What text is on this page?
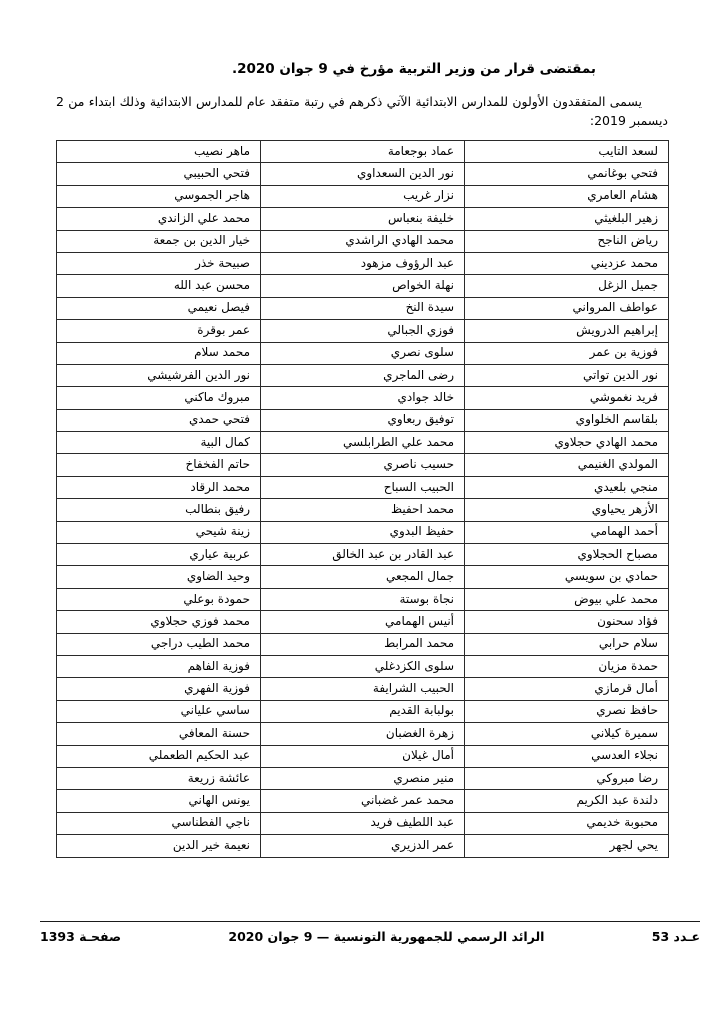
بمقتضى قرار من وزير التربية مؤرخ في 9 جوان 2020.

يسمى المتفقدون الأولون للمدارس الابتدائية الآتي ذكرهم في رتبة متفقد عام للمدارس الابتدائية وذلك ابتداء من 2 ديسمبر 2019:

لسعد التايب	عماد بوجعامة	ماهر نصيب
فتحي بوغانمي	نور الدين السعداوي	فتحي الحبيبي
هشام العامري	نزار غريب	هاجر الجموسي
زهير البلغيثي	خليفة بنعباس	محمد علي الزاندي
رياض الناجح	محمد الهادي الراشدي	خيار الدين بن جمعة
محمد عزديني	عبد الرؤوف مزهود	صبيحة خذر
جميل الزغل	نهلة الخواص	محسن عبد الله
عواطف المرواني	سيدة النخ	فيصل نعيمي
إبراهيم الدرويش	فوزي الجبالي	عمر بوقرة
فوزية بن عمر	سلوى نصري	محمد سلام
نور الدين تواتي	رضى الماجري	نور الدين الفرشيشي
فريد نغموشي	خالد جوادي	مبروك ماكني
بلقاسم الخلواوي	توفيق ربعاوي	فتحي حمدي
محمد الهادي حجلاوي	محمد علي الطرابلسي	كمال البية
المولدي الغنيمي	حسيب ناصري	حاتم الفخفاخ
منجي بلعيدي	الحبيب السباح	محمد الرقاد
الأزهر يحياوي	محمد احفيظ	رفيق بنطالب
أحمد الهمامي	حفيظ البدوي	زينة شيحي
مصباح الحجلاوي	عبد القادر بن عبد الخالق	عربية عياري
حمادي بن سويسي	جمال المجعي	وحيد الضاوي
محمد علي بيوض	نجاة بوستة	حمودة بوعلي
فؤاد سحنون	أنيس الهمامي	محمد فوزي حجلاوي
سلام حرابي	محمد المرابط	محمد الطيب دراجي
حمدة مزيان	سلوى الكزدغلي	فوزية الفاهم
أمال قرمازي	الحبيب الشرايفة	فوزية الفهري
حافظ نصري	بولبابة القديم	ساسي علياني
سميرة كيلاني	زهرة الغضبان	حسنة المعافي
نجلاء العدسي	أمال غيلان	عبد الحكيم الطعملي
رضا مبروكي	منير منصري	عائشة زريعة
دلندة عبد الكريم	محمد عمر غضباني	يونس الهاني
محبوبة خديمي	عبد اللطيف فريد	ناجي الفطناسي
يحي لجهر	عمر الدزيري	نعيمة خير الدين
عـدد 53
الرائد الرسمي للجمهورية التونسية — 9 جوان 2020
صفحـة 1393
